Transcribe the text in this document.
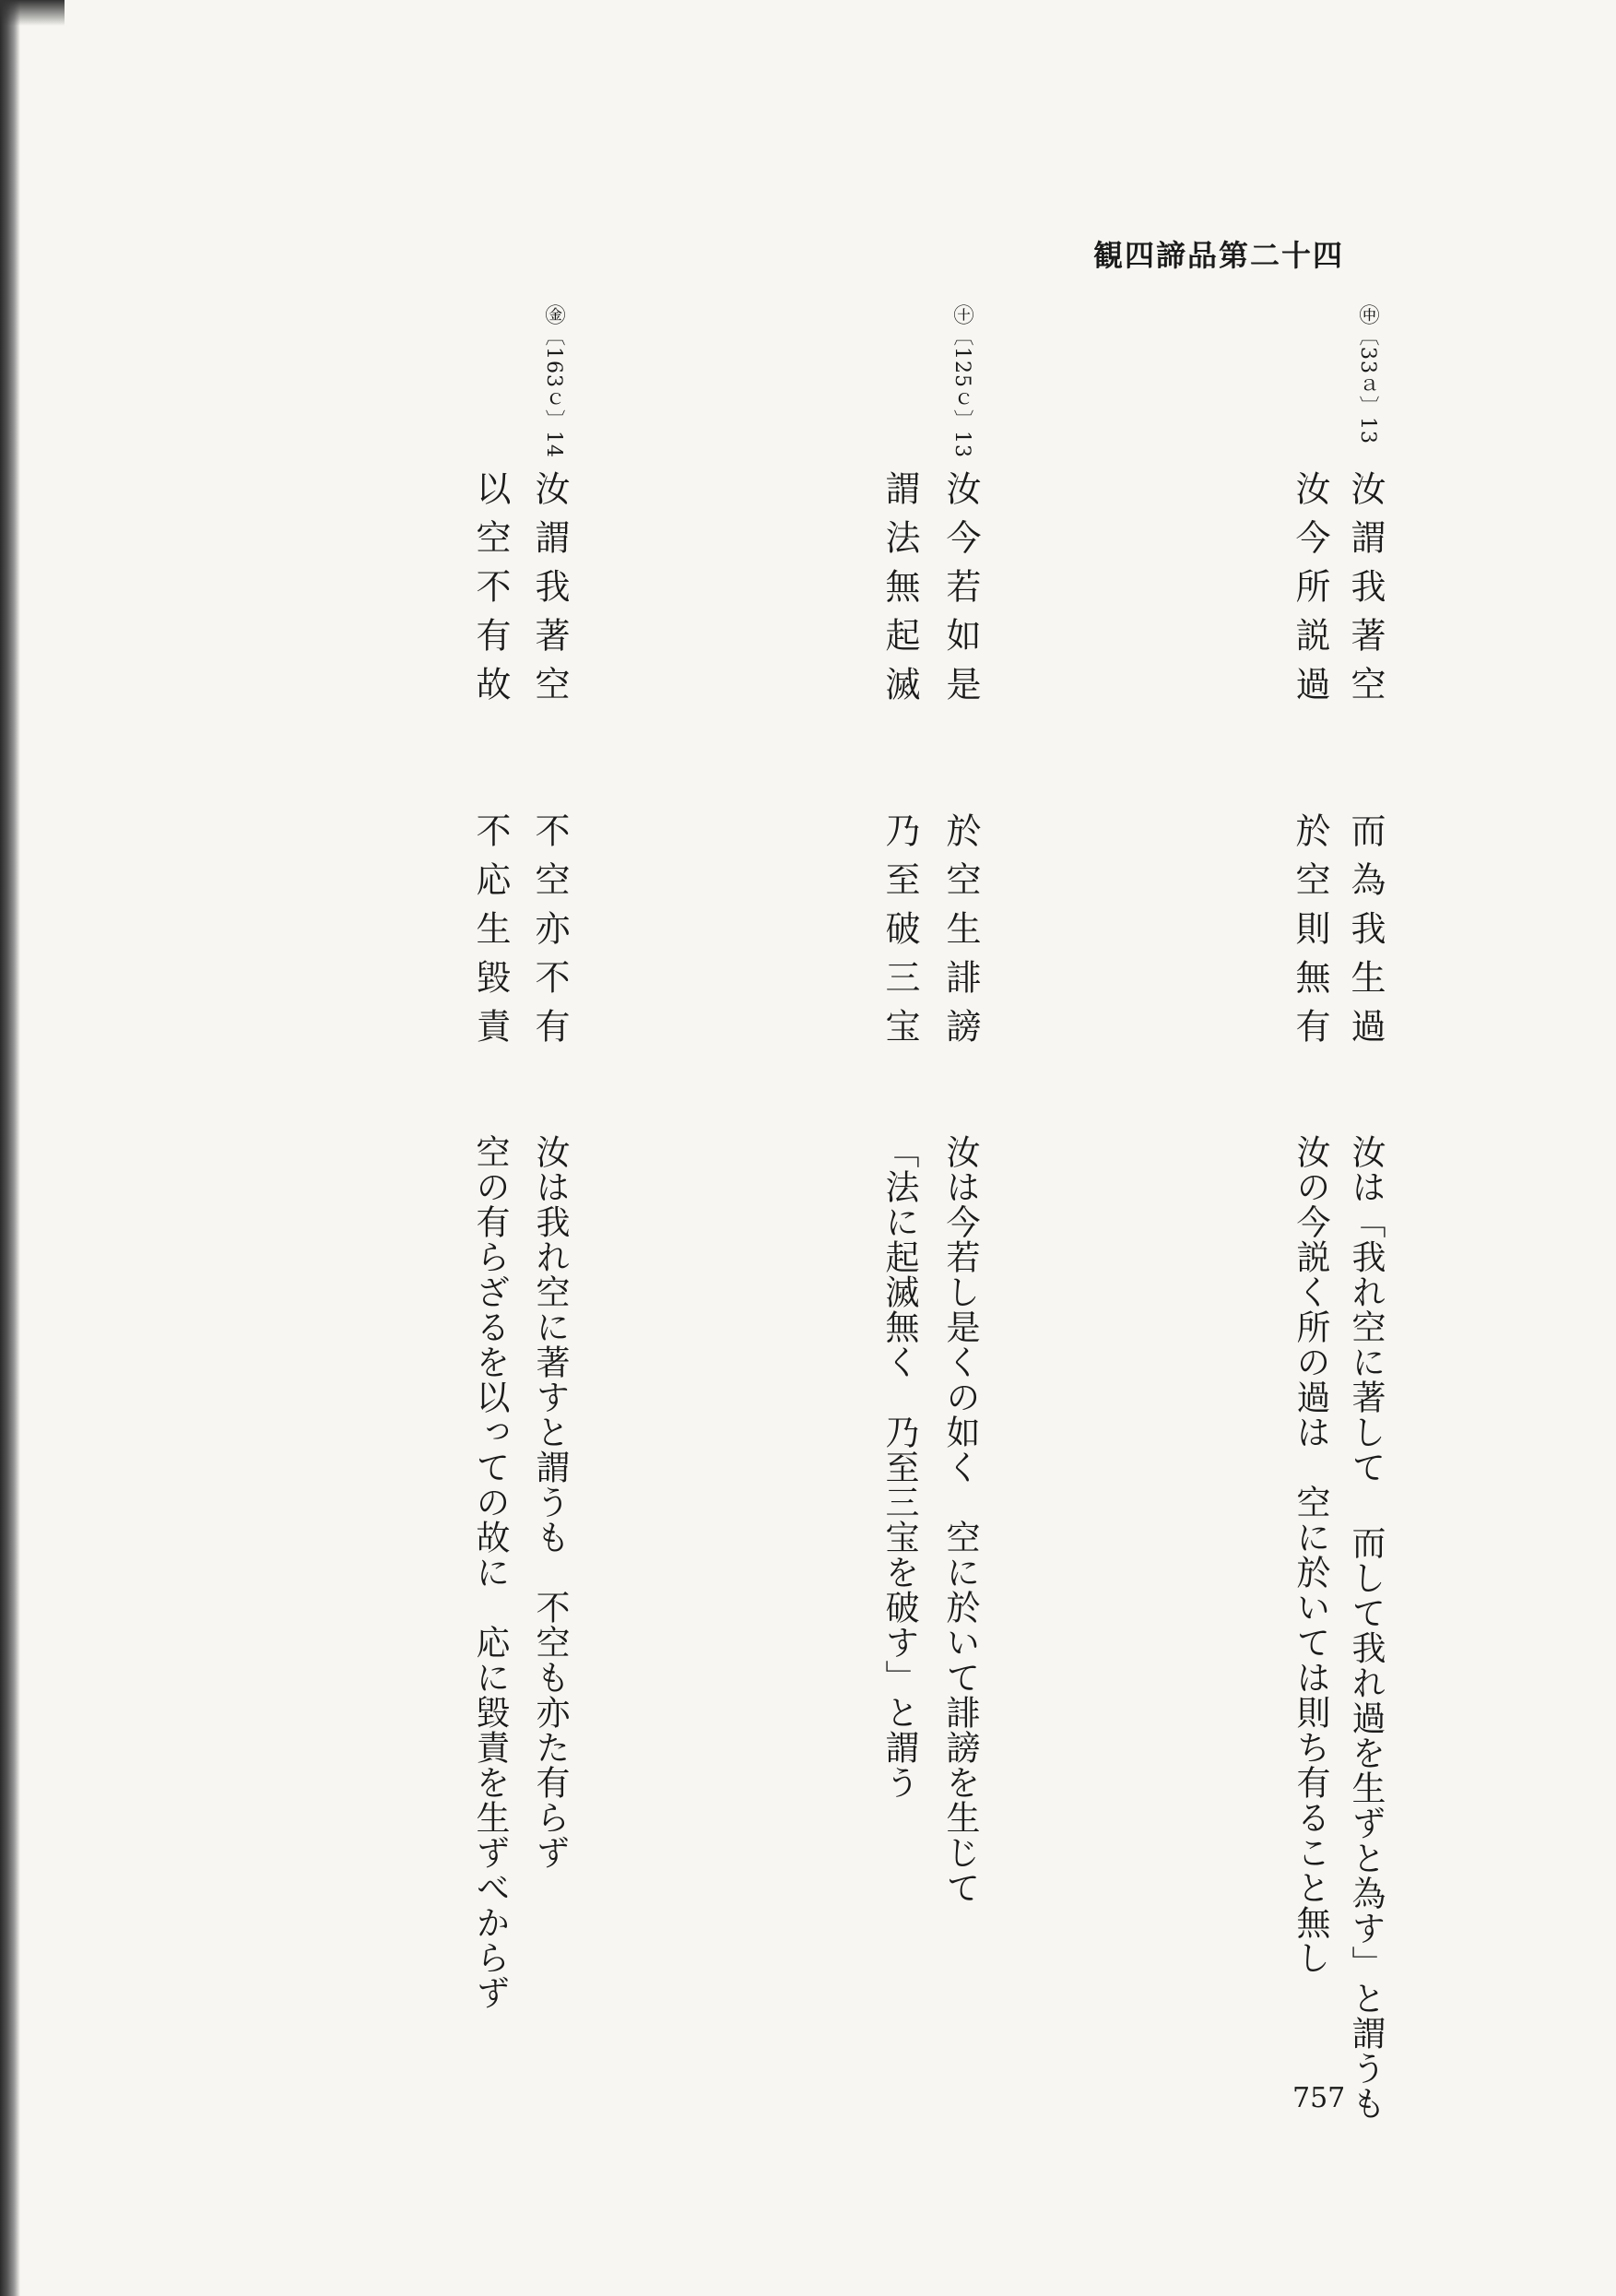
観四諦品第二十四
㊥〔33ａ〕13
汝謂我著空　　而為我生過
汝今所説過　　於空則無有
汝は「我れ空に著して 而して我れ過を生ずと為す」と謂うも
汝の今説く所の過は　空に於いては則ち有ること無し
㊉〔125ｃ〕13
汝今若如是　　於空生誹謗
謂法無起滅　　乃至破三宝
汝は今若し是くの如く　空に於いて誹謗を生じて
「法に起滅無く　乃至三宝を破す」と謂う
㊎〔163ｃ〕14
汝謂我著空　　不空亦不有
以空不有故　　不応生毀責
汝は我れ空に著すと謂うも　不空も亦た有らず
空の有らざるを以っての故に　応に毀責を生ずべからず
757
